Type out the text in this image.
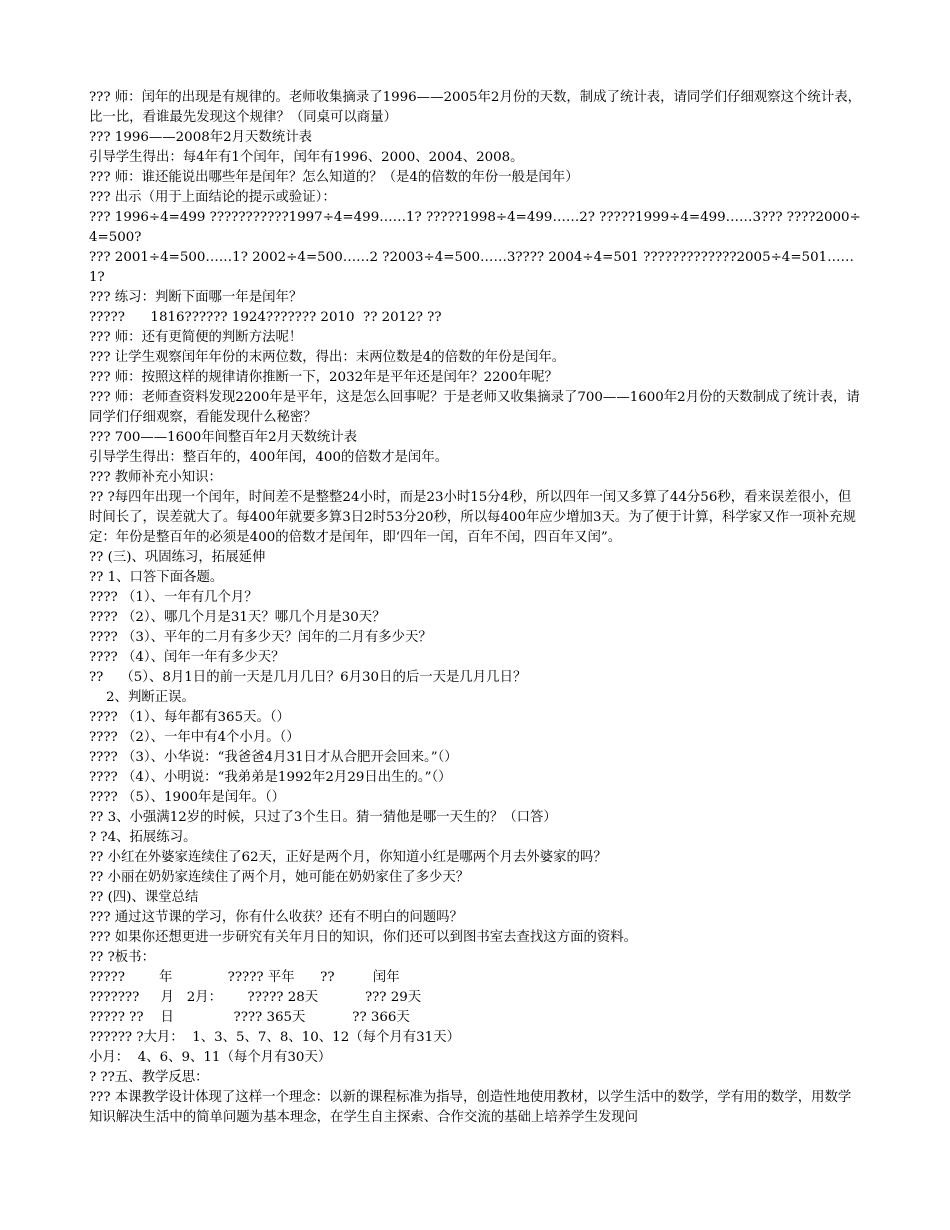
??? 师：闰年的出现是有规律的。老师收集摘录了1996——2005年2月份的天数，制成了统计表，请同学们仔细观察这个统计表，比一比，看谁最先发现这个规律？（同桌可以商量）

??? 1996——2008年2月天数统计表

引导学生得出：每4年有1个闰年，闰年有1996、2000、2004、2008。

??? 师：谁还能说出哪些年是闰年？怎么知道的？（是4的倍数的年份一般是闰年）

??? 出示（用于上面结论的提示或验证）：

??? 1996÷4=499 ???????????1997÷4=499……1? ?????1998÷4=499……2? ?????1999÷4=499……3??? ????2000÷4=500?

??? 2001÷4=500……1? 2002÷4=500……2 ?2003÷4=500……3???? 2004÷4=501 ?????????????2005÷4=501……1?

??? 练习：判断下面哪一年是闰年？

?????      1816?????? 1924??????? 2010  ?? 2012? ??

??? 师：还有更简便的判断方法呢！

??? 让学生观察闰年年份的末两位数，得出：末两位数是4的倍数的年份是闰年。

??? 师：按照这样的规律请你推断一下，2032年是平年还是闰年？2200年呢？

??? 师：老师查资料发现2200年是平年，这是怎么回事呢？于是老师又收集摘录了700——1600年2月份的天数制成了统计表，请同学们仔细观察，看能发现什么秘密？

??? 700——1600年间整百年2月天数统计表

引导学生得出：整百年的，400年闰，400的倍数才是闰年。

??? 教师补充小知识：

?? ?每四年出现一个闰年，时间差不是整整24小时，而是23小时15分4秒，所以四年一闰又多算了44分56秒，看来误差很小，但时间长了，误差就大了。每400年就要多算3日2时53分20秒，所以每400年应少增加3天。为了便于计算，科学家又作一项补充规定：年份是整百年的必须是400的倍数才是闰年，即‘四年一闰，百年不闰，四百年又闰”。

?? (三)、巩固练习，拓展延伸

?? 1、口答下面各题。

???? （1）、一年有几个月？

???? （2）、哪几个月是31天？哪几个月是30天？

???? （3）、平年的二月有多少天？闰年的二月有多少天？

???? （4）、闰年一年有多少天？

??    （5）、8月1日的前一天是几月几日？6月30日的后一天是几月几日？

2、判断正误。

???? （1）、每年都有365天。（）

???? （2）、一年中有4个小月。（）

???? （3）、小华说：“我爸爸4月31日才从合肥开会回来。”（）

???? （4）、小明说：“我弟弟是1992年2月29日出生的。”（）

???? （5）、1900年是闰年。（）

?? 3、小强满12岁的时候，只过了3个生日。猜一猜他是哪一天生的？（口答）

? ?4、拓展练习。

?? 小红在外婆家连续住了62天，正好是两个月，你知道小红是哪两个月去外婆家的吗？

?? 小丽在奶奶家连续住了两个月，她可能在奶奶家住了多少天？

?? (四)、课堂总结

??? 通过这节课的学习，你有什么收获？还有不明白的问题吗？

??? 如果你还想更进一步研究有关年月日的知识，你们还可以到图书室去查找这方面的资料。

?? ?板书：

?????        年             ????? 平年      ??         闰年

???????     月   2月：      ????? 28天           ??? 29天

????? ??    日              ???? 365天           ?? 366天

?????? ?大月：  1、3、5、7、8、10、12（每个月有31天）

小月：  4、6、9、11（每个月有30天）

? ??五、教学反思：

??? 本课教学设计体现了这样一个理念：以新的课程标准为指导，创造性地使用教材，以学生活中的数学，学有用的数学，用数学知识解决生活中的简单问题为基本理念，在学生自主探索、合作交流的基础上培养学生发现问
